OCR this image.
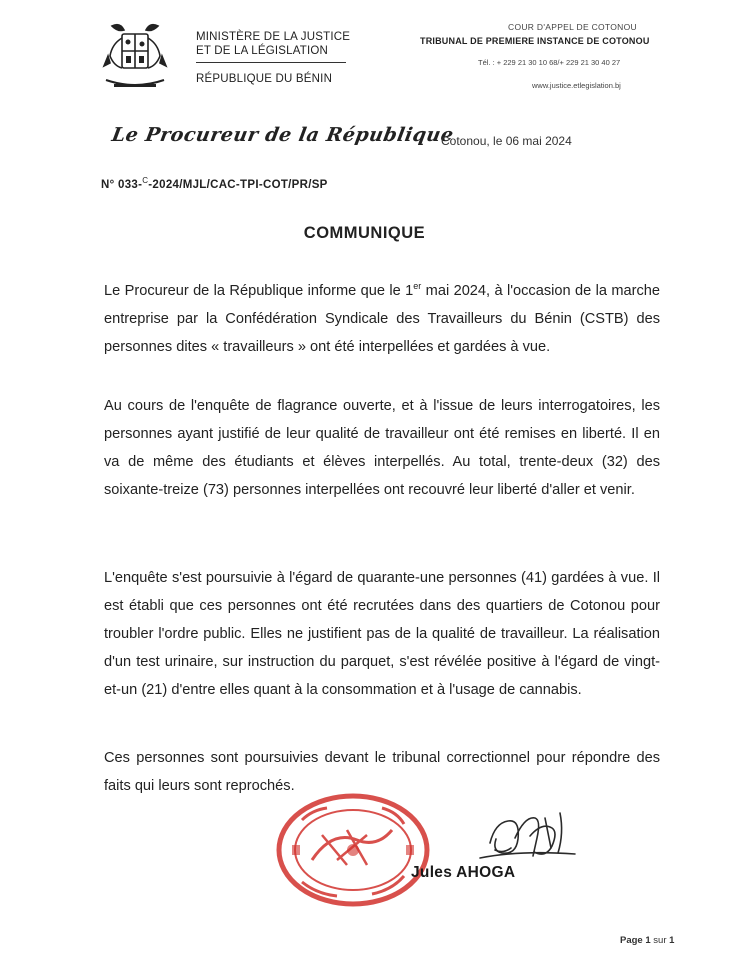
MINISTÈRE DE LA JUSTICE
ET DE LA LÉGISLATION
RÉPUBLIQUE DU BÉNIN
COUR D'APPEL DE COTONOU
TRIBUNAL DE PREMIERE INSTANCE DE COTONOU
Tél. : + 229 21 30 10 68/+ 229 21 30 40 27
www.justice.etlegislation.bj
Le Procureur de la République
Cotonou, le 06 mai 2024
N° 033-$^C$-2024/MJL/CAC-TPI-COT/PR/SP
COMMUNIQUE

Le Procureur de la République informe que le 1er mai 2024, à l'occasion de la marche entreprise par la Confédération Syndicale des Travailleurs du Bénin (CSTB) des personnes dites « travailleurs » ont été interpellées et gardées à vue.

Au cours de l'enquête de flagrance ouverte, et à l'issue de leurs interrogatoires, les personnes ayant justifié de leur qualité de travailleur ont été remises en liberté. Il en va de même des étudiants et élèves interpellés. Au total, trente-deux (32) des soixante-treize (73) personnes interpellées ont recouvré leur liberté d'aller et venir.

L'enquête s'est poursuivie à l'égard de quarante-une personnes (41) gardées à vue. Il est établi que ces personnes ont été recrutées dans des quartiers de Cotonou pour troubler l'ordre public. Elles ne justifient pas de la qualité de travailleur. La réalisation d'un test urinaire, sur instruction du parquet, s'est révélée positive à l'égard de vingt-et-un (21) d'entre elles quant à la consommation et à l'usage de cannabis.

Ces personnes sont poursuivies devant le tribunal correctionnel pour répondre des faits qui leurs sont reprochés.

Jules AHOGA
Page 1 sur 1
